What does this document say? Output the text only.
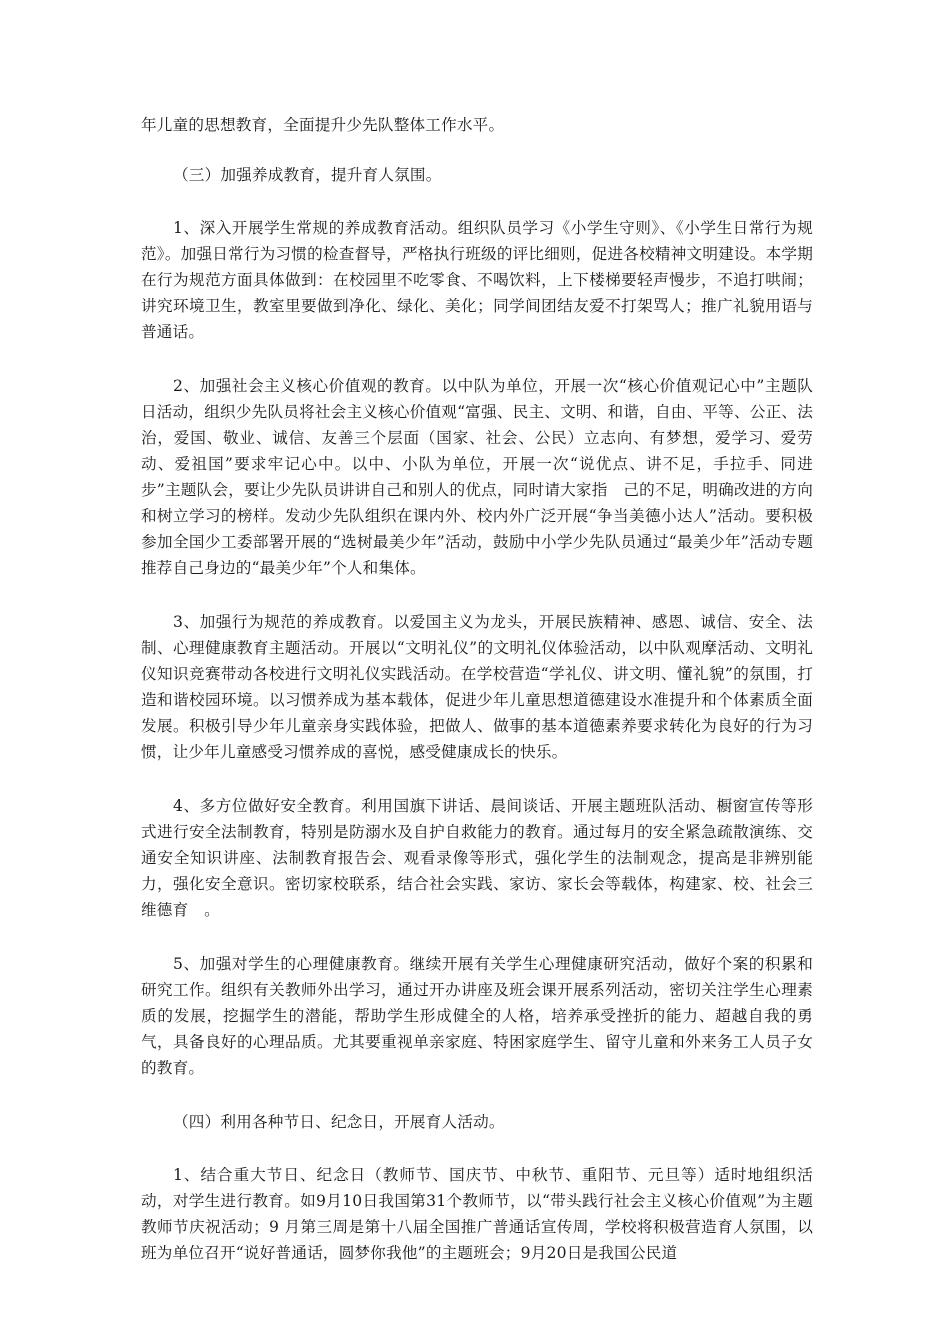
年儿童的思想教育，全面提升少先队整体工作水平。

（三）加强养成教育，提升育人氛围。

1、深入开展学生常规的养成教育活动。组织队员学习《小学生守则》、《小学生日常行为规范》。加强日常行为习惯的检查督导，严格执行班级的评比细则，促进各校精神文明建设。本学期在行为规范方面具体做到：在校园里不吃零食、不喝饮料，上下楼梯要轻声慢步，不追打哄闹；讲究环境卫生，教室里要做到净化、绿化、美化；同学间团结友爱不打架骂人；推广礼貌用语与普通话。

2、加强社会主义核心价值观的教育。以中队为单位，开展一次“核心价值观记心中”主题队日活动，组织少先队员将社会主义核心价值观“富强、民主、文明、和谐，自由、平等、公正、法治，爱国、敬业、诚信、友善三个层面（国家、社会、公民）立志向、有梦想，爱学习、爱劳动、爱祖国”要求牢记心中。以中、小队为单位，开展一次“说优点、讲不足，手拉手、同进步”主题队会，要让少先队员讲讲自己和别人的优点，同时请大家指　己的不足，明确改进的方向和树立学习的榜样。发动少先队组织在课内外、校内外广泛开展“争当美德小达人”活动。要积极参加全国少工委部署开展的“选树最美少年”活动，鼓励中小学少先队员通过“最美少年”活动专题推荐自己身边的“最美少年”个人和集体。

3、加强行为规范的养成教育。以爱国主义为龙头，开展民族精神、感恩、诚信、安全、法制、心理健康教育主题活动。开展以“文明礼仪”的文明礼仪体验活动，以中队观摩活动、文明礼仪知识竞赛带动各校进行文明礼仪实践活动。在学校营造“学礼仪、讲文明、懂礼貌”的氛围，打造和谐校园环境。以习惯养成为基本载体，促进少年儿童思想道德建设水准提升和个体素质全面发展。积极引导少年儿童亲身实践体验，把做人、做事的基本道德素养要求转化为良好的行为习惯，让少年儿童感受习惯养成的喜悦，感受健康成长的快乐。

4、多方位做好安全教育。利用国旗下讲话、晨间谈话、开展主题班队活动、橱窗宣传等形式进行安全法制教育，特别是防溺水及自护自救能力的教育。通过每月的安全紧急疏散演练、交通安全知识讲座、法制教育报告会、观看录像等形式，强化学生的法制观念，提高是非辨别能力，强化安全意识。密切家校联系，结合社会实践、家访、家长会等载体，构建家、校、社会三维德育　。

5、加强对学生的心理健康教育。继续开展有关学生心理健康研究活动，做好个案的积累和研究工作。组织有关教师外出学习，通过开办讲座及班会课开展系列活动，密切关注学生心理素质的发展，挖掘学生的潜能，帮助学生形成健全的人格，培养承受挫折的能力、超越自我的勇气，具备良好的心理品质。尤其要重视单亲家庭、特困家庭学生、留守儿童和外来务工人员子女的教育。

（四）利用各种节日、纪念日，开展育人活动。

1、结合重大节日、纪念日（教师节、国庆节、中秋节、重阳节、元旦等）适时地组织活动，对学生进行教育。如9月10日我国第31个教师节，以“带头践行社会主义核心价值观”为主题教师节庆祝活动；9 月第三周是第十八届全国推广普通话宣传周，学校将积极营造育人氛围，以班为单位召开“说好普通话，圆梦你我他”的主题班会；9月20日是我国公民道
